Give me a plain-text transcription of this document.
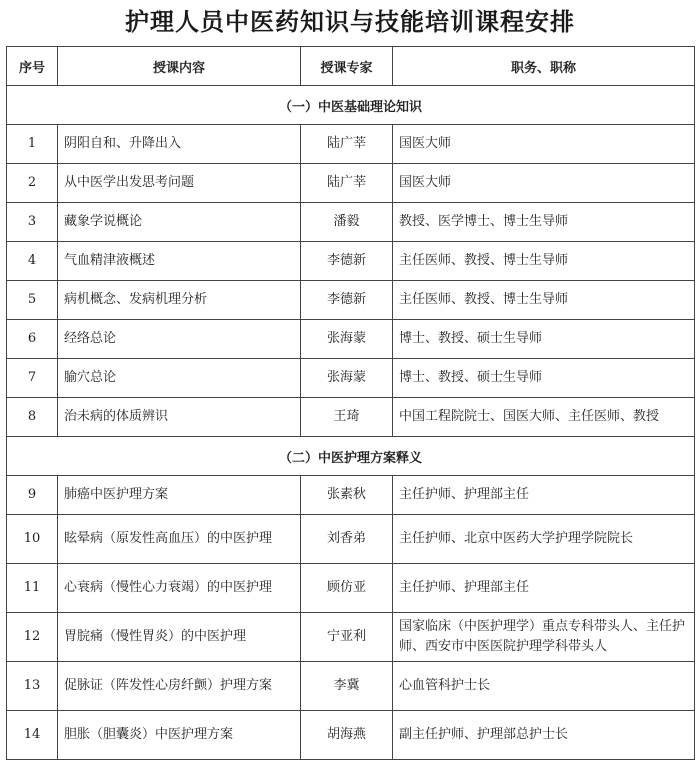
护理人员中医药知识与技能培训课程安排
序号	授课内容	授课专家	职务、职称
（一）中医基础理论知识			
1	阴阳自和、升降出入	陆广莘	国医大师
2	从中医学出发思考问题	陆广莘	国医大师
3	藏象学说概论	潘毅	教授、医学博士、博士生导师
4	气血精津液概述	李德新	主任医师、教授、博士生导师
5	病机概念、发病机理分析	李德新	主任医师、教授、博士生导师
6	经络总论	张海蒙	博士、教授、硕士生导师
7	腧穴总论	张海蒙	博士、教授、硕士生导师
8	治未病的体质辨识	王琦	中国工程院院士、国医大师、主任医师、教授
（二）中医护理方案释义			
9	肺癌中医护理方案	张素秋	主任护师、护理部主任
10	眩晕病（原发性高血压）的中医护理	刘香弟	主任护师、北京中医药大学护理学院院长
11	心衰病（慢性心力衰竭）的中医护理	顾仿亚	主任护师、护理部主任
12	胃脘痛（慢性胃炎）的中医护理	宁亚利	国家临床（中医护理学）重点专科带头人、主任护师、西安市中医医院护理学科带头人
13	促脉证（阵发性心房纤颤）护理方案	李冀	心血管科护士长
14	胆胀（胆囊炎）中医护理方案	胡海燕	副主任护师、护理部总护士长
